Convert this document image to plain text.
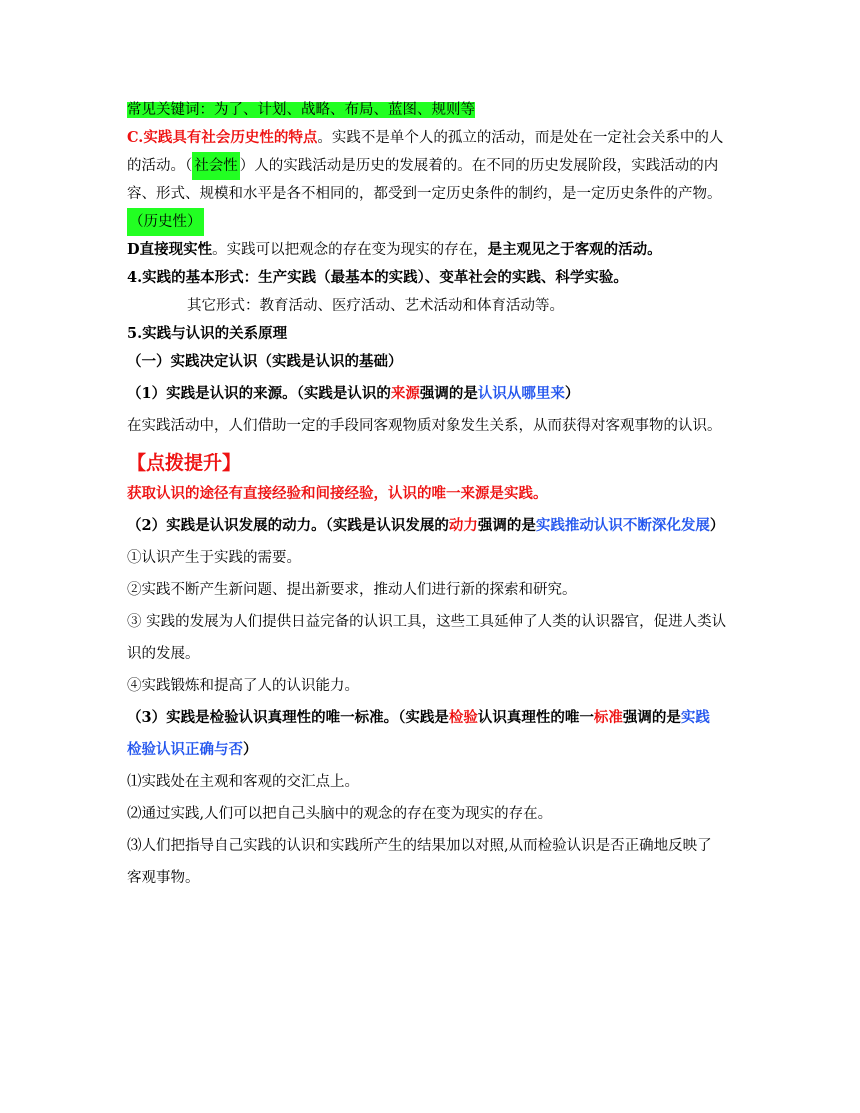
常见关键词：为了、计划、战略、布局、蓝图、规则等
C.实践具有社会历史性的特点。实践不是单个人的孤立的活动，而是处在一定社会关系中的人
的活动。（ 社会性 ）人的实践活动是历史的发展着的。在不同的历史发展阶段，实践活动的内
容、形式、规模和水平是各不相同的，都受到一定历史条件的制约，是一定历史条件的产物。
（历史性）
D直接现实性。实践可以把观念的存在变为现实的存在，是主观见之于客观的活动。
4.实践的基本形式：生产实践（最基本的实践）、变革社会的实践、科学实验。
其它形式：教育活动、医疗活动、艺术活动和体育活动等。
5.实践与认识的关系原理
（一）实践决定认识（实践是认识的基础）
（1）实践是认识的来源。（实践是认识的来源强调的是认识从哪里来）
在实践活动中，人们借助一定的手段同客观物质对象发生关系，从而获得对客观事物的认识。
【点拨提升】
获取认识的途径有直接经验和间接经验，认识的唯一来源是实践。
（2）实践是认识发展的动力。（实践是认识发展的动力强调的是实践推动认识不断深化发展）
①认识产生于实践的需要。
②实践不断产生新问题、提出新要求，推动人们进行新的探索和研究。
③ 实践的发展为人们提供日益完备的认识工具，这些工具延伸了人类的认识器官，促进人类认
识的发展。
④实践锻炼和提高了人的认识能力。
（3）实践是检验认识真理性的唯一标准。（实践是检验认识真理性的唯一标准强调的是实践
检验认识正确与否）
⑴实践处在主观和客观的交汇点上。
⑵通过实践,人们可以把自己头脑中的观念的存在变为现实的存在。
⑶人们把指导自己实践的认识和实践所产生的结果加以对照,从而检验认识是否正确地反映了
客观事物。
